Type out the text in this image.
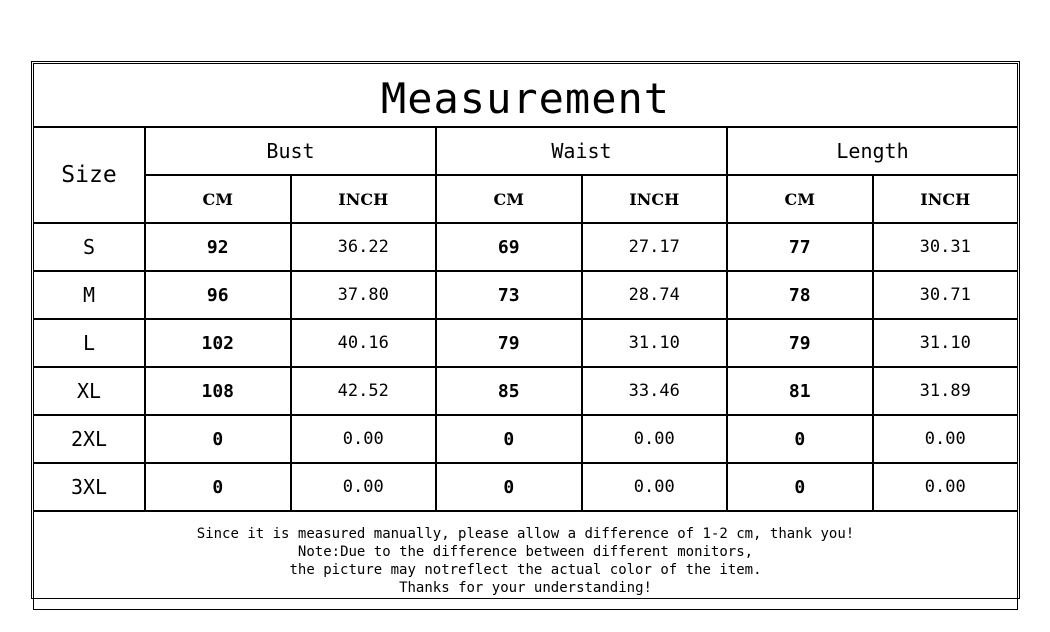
Measurement
Size
Bust	Waist	Length
CM	INCH	CM	INCH	CM	INCH
S	92	36.22	69	27.17	77	30.31
M	96	37.80	73	28.74	78	30.71
L	102	40.16	79	31.10	79	31.10
XL	108	42.52	85	33.46	81	31.89
2XL	0	0.00	0	0.00	0	0.00
3XL	0	0.00	0	0.00	0	0.00
Since it is measured manually, please allow a difference of 1-2 cm, thank you!
Note:Due to the difference between different monitors,
the picture may notreflect the actual color of the item.
Thanks for your understanding!
